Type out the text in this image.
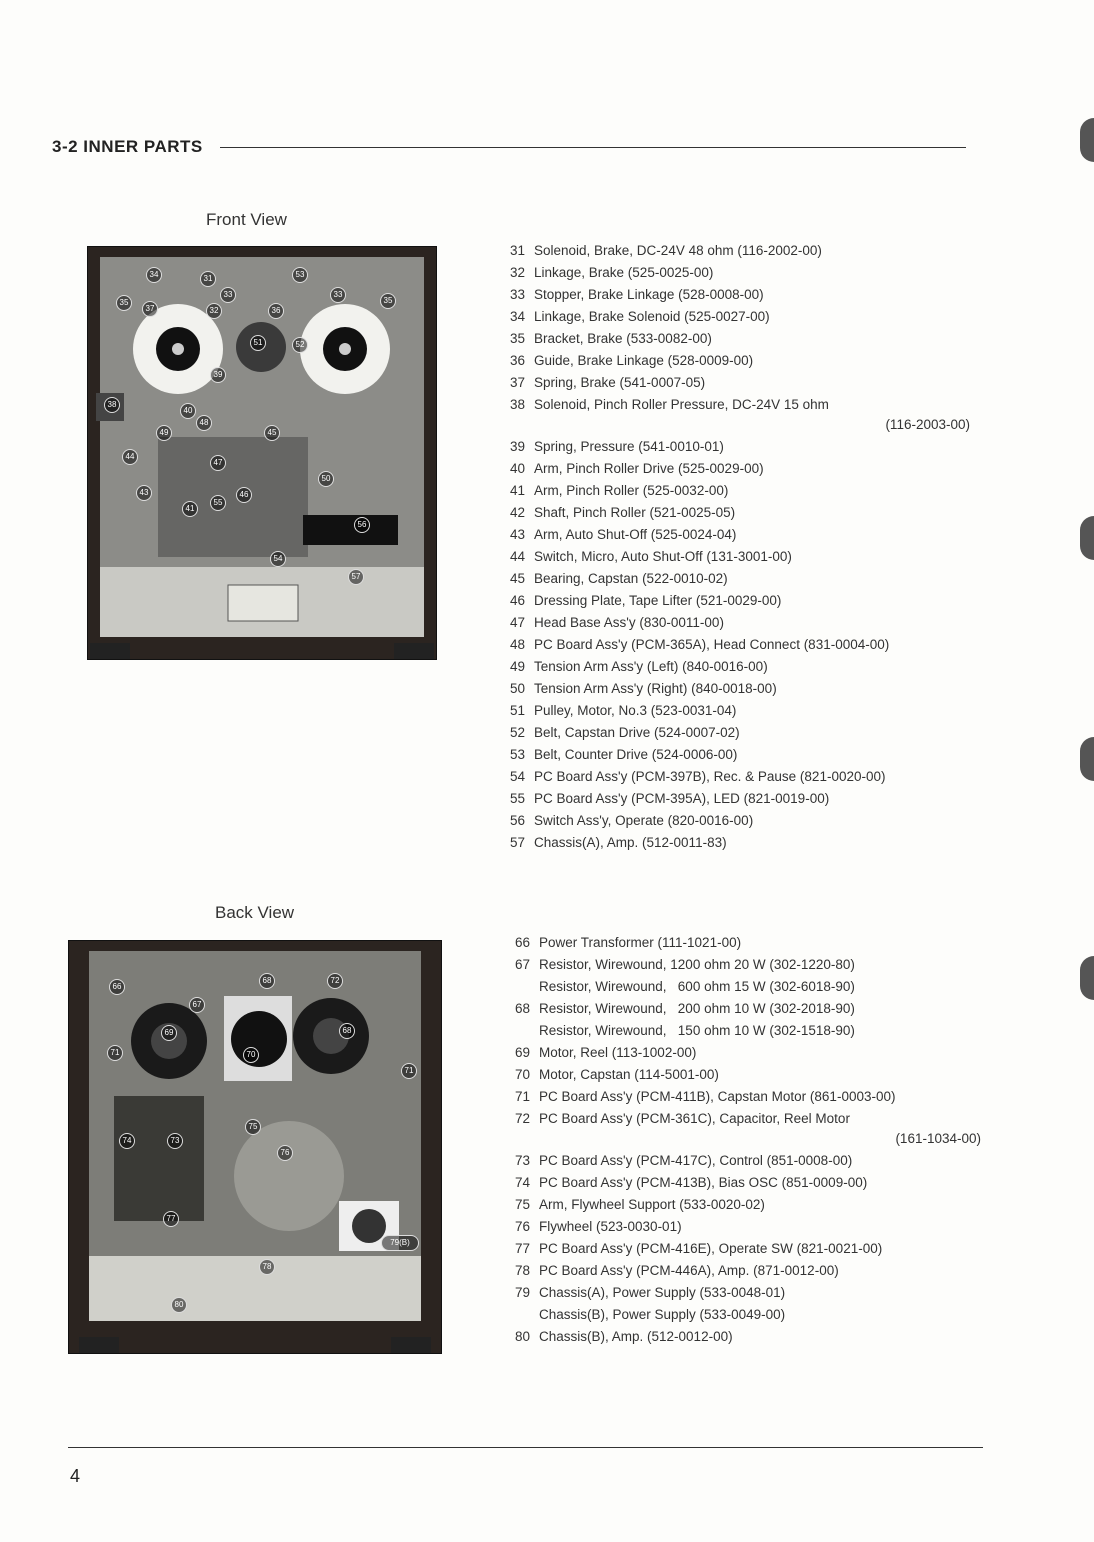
3-2 INNER PARTS
Front View
34	31	53
35
37
33
32	36
33
35
51	52
39
38
40
48
49	45
47
44
50
43
55
46
41
56
54
57
31 Solenoid, Brake, DC-24V 48 ohm (116-2002-00)
32 Linkage, Brake (525-0025-00)
33 Stopper, Brake Linkage (528-0008-00)
34 Linkage, Brake Solenoid (525-0027-00)
35 Bracket, Brake (533-0082-00)
36 Guide, Brake Linkage (528-0009-00)
37 Spring, Brake (541-0007-05)
38 Solenoid, Pinch Roller Pressure, DC-24V 15 ohm
(116-2003-00)
39 Spring, Pressure (541-0010-01)
40 Arm, Pinch Roller Drive (525-0029-00)
41 Arm, Pinch Roller (525-0032-00)
42 Shaft, Pinch Roller (521-0025-05)
43 Arm, Auto Shut-Off (525-0024-04)
44 Switch, Micro, Auto Shut-Off (131-3001-00)
45 Bearing, Capstan (522-0010-02)
46 Dressing Plate, Tape Lifter (521-0029-00)
47 Head Base Ass'y (830-0011-00)
48 PC Board Ass'y (PCM-365A), Head Connect (831-0004-00)
49 Tension Arm Ass'y (Left) (840-0016-00)
50 Tension Arm Ass'y (Right) (840-0018-00)
51 Pulley, Motor, No.3 (523-0031-04)
52 Belt, Capstan Drive (524-0007-02)
53 Belt, Counter Drive (524-0006-00)
54 PC Board Ass'y (PCM-397B), Rec. & Pause (821-0020-00)
55 PC Board Ass'y (PCM-395A), LED (821-0019-00)
56 Switch Ass'y, Operate (820-0016-00)
57 Chassis(A), Amp. (512-0011-83)
Back View
66
68	72
67
69	68
70
71
71
74	73
75
76
77
79(B)
78
80
66 Power Transformer (111-1021-00)
67 Resistor, Wirewound, 1200 ohm 20 W (302-1220-80)
Resistor, Wirewound,   600 ohm 15 W (302-6018-90)
68 Resistor, Wirewound,   200 ohm 10 W (302-2018-90)
Resistor, Wirewound,   150 ohm 10 W (302-1518-90)
69 Motor, Reel (113-1002-00)
70 Motor, Capstan (114-5001-00)
71 PC Board Ass'y (PCM-411B), Capstan Motor (861-0003-00)
72 PC Board Ass'y (PCM-361C), Capacitor, Reel Motor
(161-1034-00)
73 PC Board Ass'y (PCM-417C), Control (851-0008-00)
74 PC Board Ass'y (PCM-413B), Bias OSC (851-0009-00)
75 Arm, Flywheel Support (533-0020-02)
76 Flywheel (523-0030-01)
77 PC Board Ass'y (PCM-416E), Operate SW (821-0021-00)
78 PC Board Ass'y (PCM-446A), Amp. (871-0012-00)
79 Chassis(A), Power Supply (533-0048-01)
Chassis(B), Power Supply (533-0049-00)
80 Chassis(B), Amp. (512-0012-00)
4
